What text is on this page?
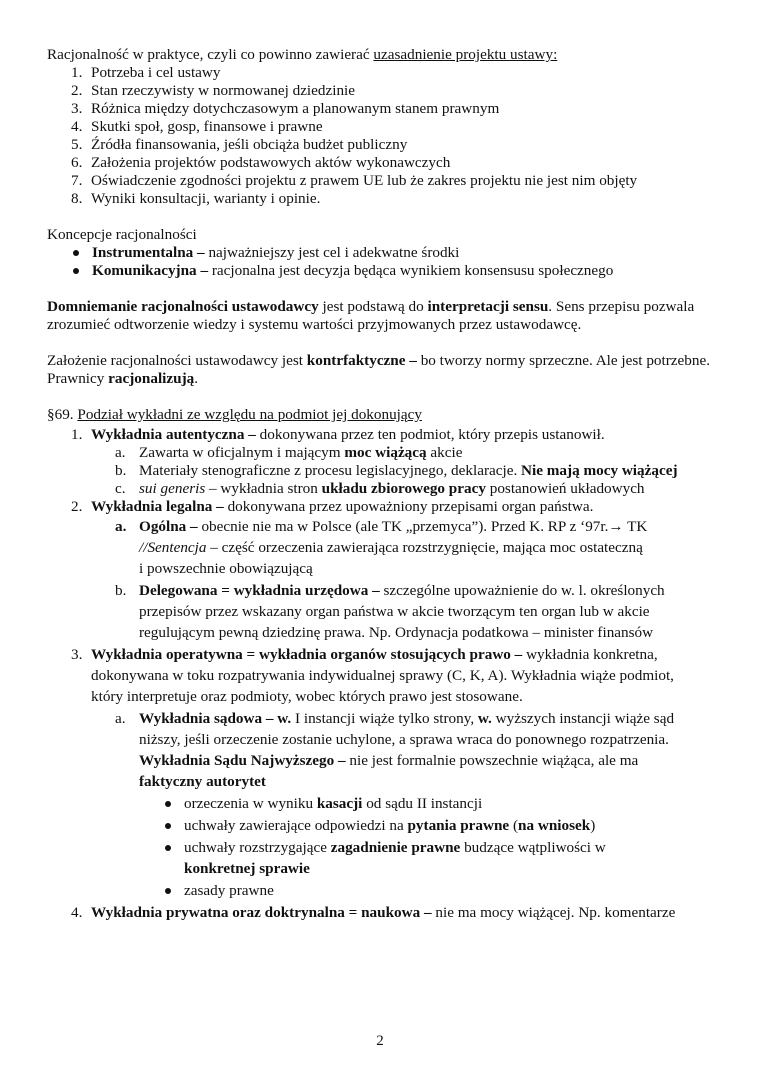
Racjonalność w praktyce, czyli co powinno zawierać uzasadnienie projektu ustawy:
1. Potrzeba i cel ustawy
2. Stan rzeczywisty w normowanej dziedzinie
3. Różnica między dotychczasowym a planowanym stanem prawnym
4. Skutki społ, gosp, finansowe i prawne
5. Źródła finansowania, jeśli obciąża budżet publiczny
6. Założenia projektów podstawowych aktów wykonawczych
7. Oświadczenie zgodności projektu z prawem UE lub że zakres projektu nie jest nim objęty
8. Wyniki konsultacji, warianty i opinie.
Koncepcje racjonalności
Instrumentalna – najważniejszy jest cel i adekwatne środki
Komunikacyjna – racjonalna jest decyzja będąca wynikiem konsensusu społecznego
Domniemanie racjonalności ustawodawcy jest podstawą do interpretacji sensu. Sens przepisu pozwala zrozumieć odtworzenie wiedzy i systemu wartości przyjmowanych przez ustawodawcę.
Założenie racjonalności ustawodawcy jest kontrfaktyczne – bo tworzy normy sprzeczne. Ale jest potrzebne. Prawnicy racjonalizują.
§69. Podział wykładni ze względu na podmiot jej dokonujący
1. Wykładnia autentyczna – dokonywana przez ten podmiot, który przepis ustanowił.
a. Zawarta w oficjalnym i mającym moc wiążącą akcie
b. Materiały stenograficzne z procesu legislacyjnego, deklaracje. Nie mają mocy wiążącej
c. sui generis – wykładnia stron układu zbiorowego pracy postanowień układowych
2. Wykładnia legalna – dokonywana przez upoważniony przepisami organ państwa.
a. Ogólna – obecnie nie ma w Polsce (ale TK „przemyca”). Przed K. RP z ‘97r.→ TK
//Sentencja – część orzeczenia zawierająca rozstrzygnięcie, mająca moc ostateczną
i powszechnie obowiązującą
b. Delegowana = wykładnia urzędowa – szczególne upoważnienie do w. l. określonych
przepisów przez wskazany organ państwa w akcie tworzącym ten organ lub w akcie
regulującym pewną dziedzinę prawa. Np. Ordynacja podatkowa – minister finansów
3. Wykładnia operatywna = wykładnia organów stosujących prawo – wykładnia konkretna,
dokonywana w toku rozpatrywania indywidualnej sprawy (C, K, A). Wykładnia wiąże podmiot,
który interpretuje oraz podmioty, wobec których prawo jest stosowane.
a. Wykładnia sądowa – w. I instancji wiąże tylko strony, w. wyższych instancji wiąże sąd
niższy, jeśli orzeczenie zostanie uchylone, a sprawa wraca do ponownego rozpatrzenia.
Wykładnia Sądu Najwyższego – nie jest formalnie powszechnie wiążąca, ale ma
faktyczny autorytet
orzeczenia w wyniku kasacji od sądu II instancji
uchwały zawierające odpowiedzi na pytania prawne (na wniosek)
uchwały rozstrzygające zagadnienie prawne budzące wątpliwości w
konkretnej sprawie
zasady prawne
4. Wykładnia prywatna oraz doktrynalna = naukowa – nie ma mocy wiążącej. Np. komentarze
2
